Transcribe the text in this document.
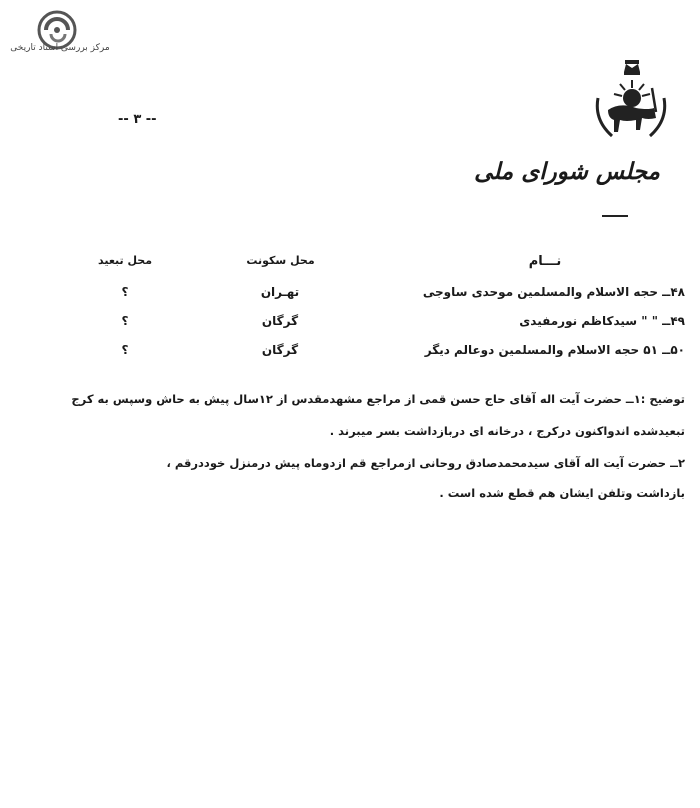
مرکز بررسی اسناد تاریخی
مجلس شورای ملی
-- ۳ --
نـــام
محل سکونت
محل تبعید
۴۸ــ حجه الاسلام والمسلمین موحدی ساوجی
تهـران
؟
۴۹ــ " " سیدکاظم نورمفیدی
گرگان
؟
۵۰ــ ۵۱ حجه الاسلام والمسلمین دوعالم دیگر
گرگان
؟
توضیح :۱ــ حضرت آیت اله آقای حاج حسن قمی از مراجع مشهدمقدس از ۱۲سال پیش به حاش وسپس به کرج
تبعیدشده اندواکنون درکرج ، درخانه ای دربازداشت بسر میبرند .
۲ــ حضرت آیت اله آقای سیدمحمدصادق روحانی ازمراجع قم ازدوماه پیش درمنزل خوددرقم ،
بازداشت وتلفن ایشان هم قطع شده است .
